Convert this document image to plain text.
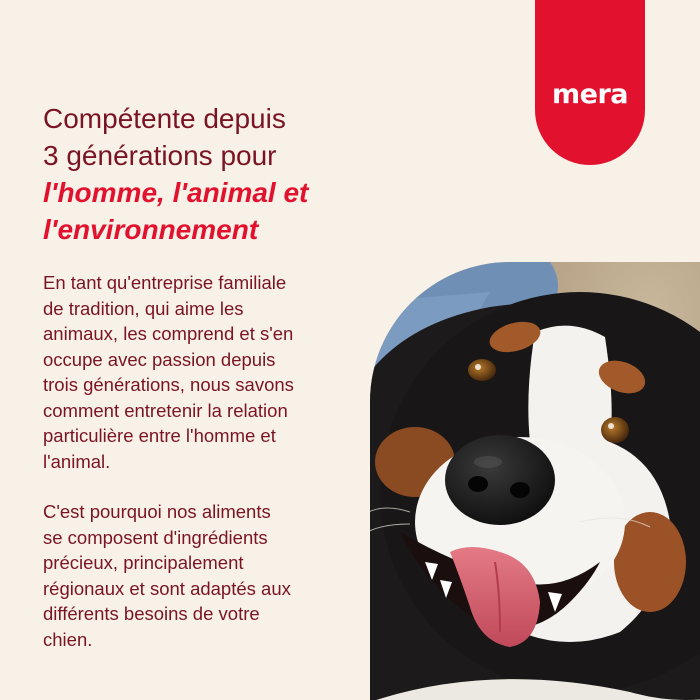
mera
Compétente depuis
3 générations pour
l'homme, l'animal et
l'environnement
En tant qu'entreprise familiale
de tradition, qui aime les
animaux, les comprend et s'en
occupe avec passion depuis
trois générations, nous savons
comment entretenir la relation
particulière entre l'homme et
l'animal.
C'est pourquoi nos aliments
se composent d'ingrédients
précieux, principalement
régionaux et sont adaptés aux
différents besoins de votre
chien.
